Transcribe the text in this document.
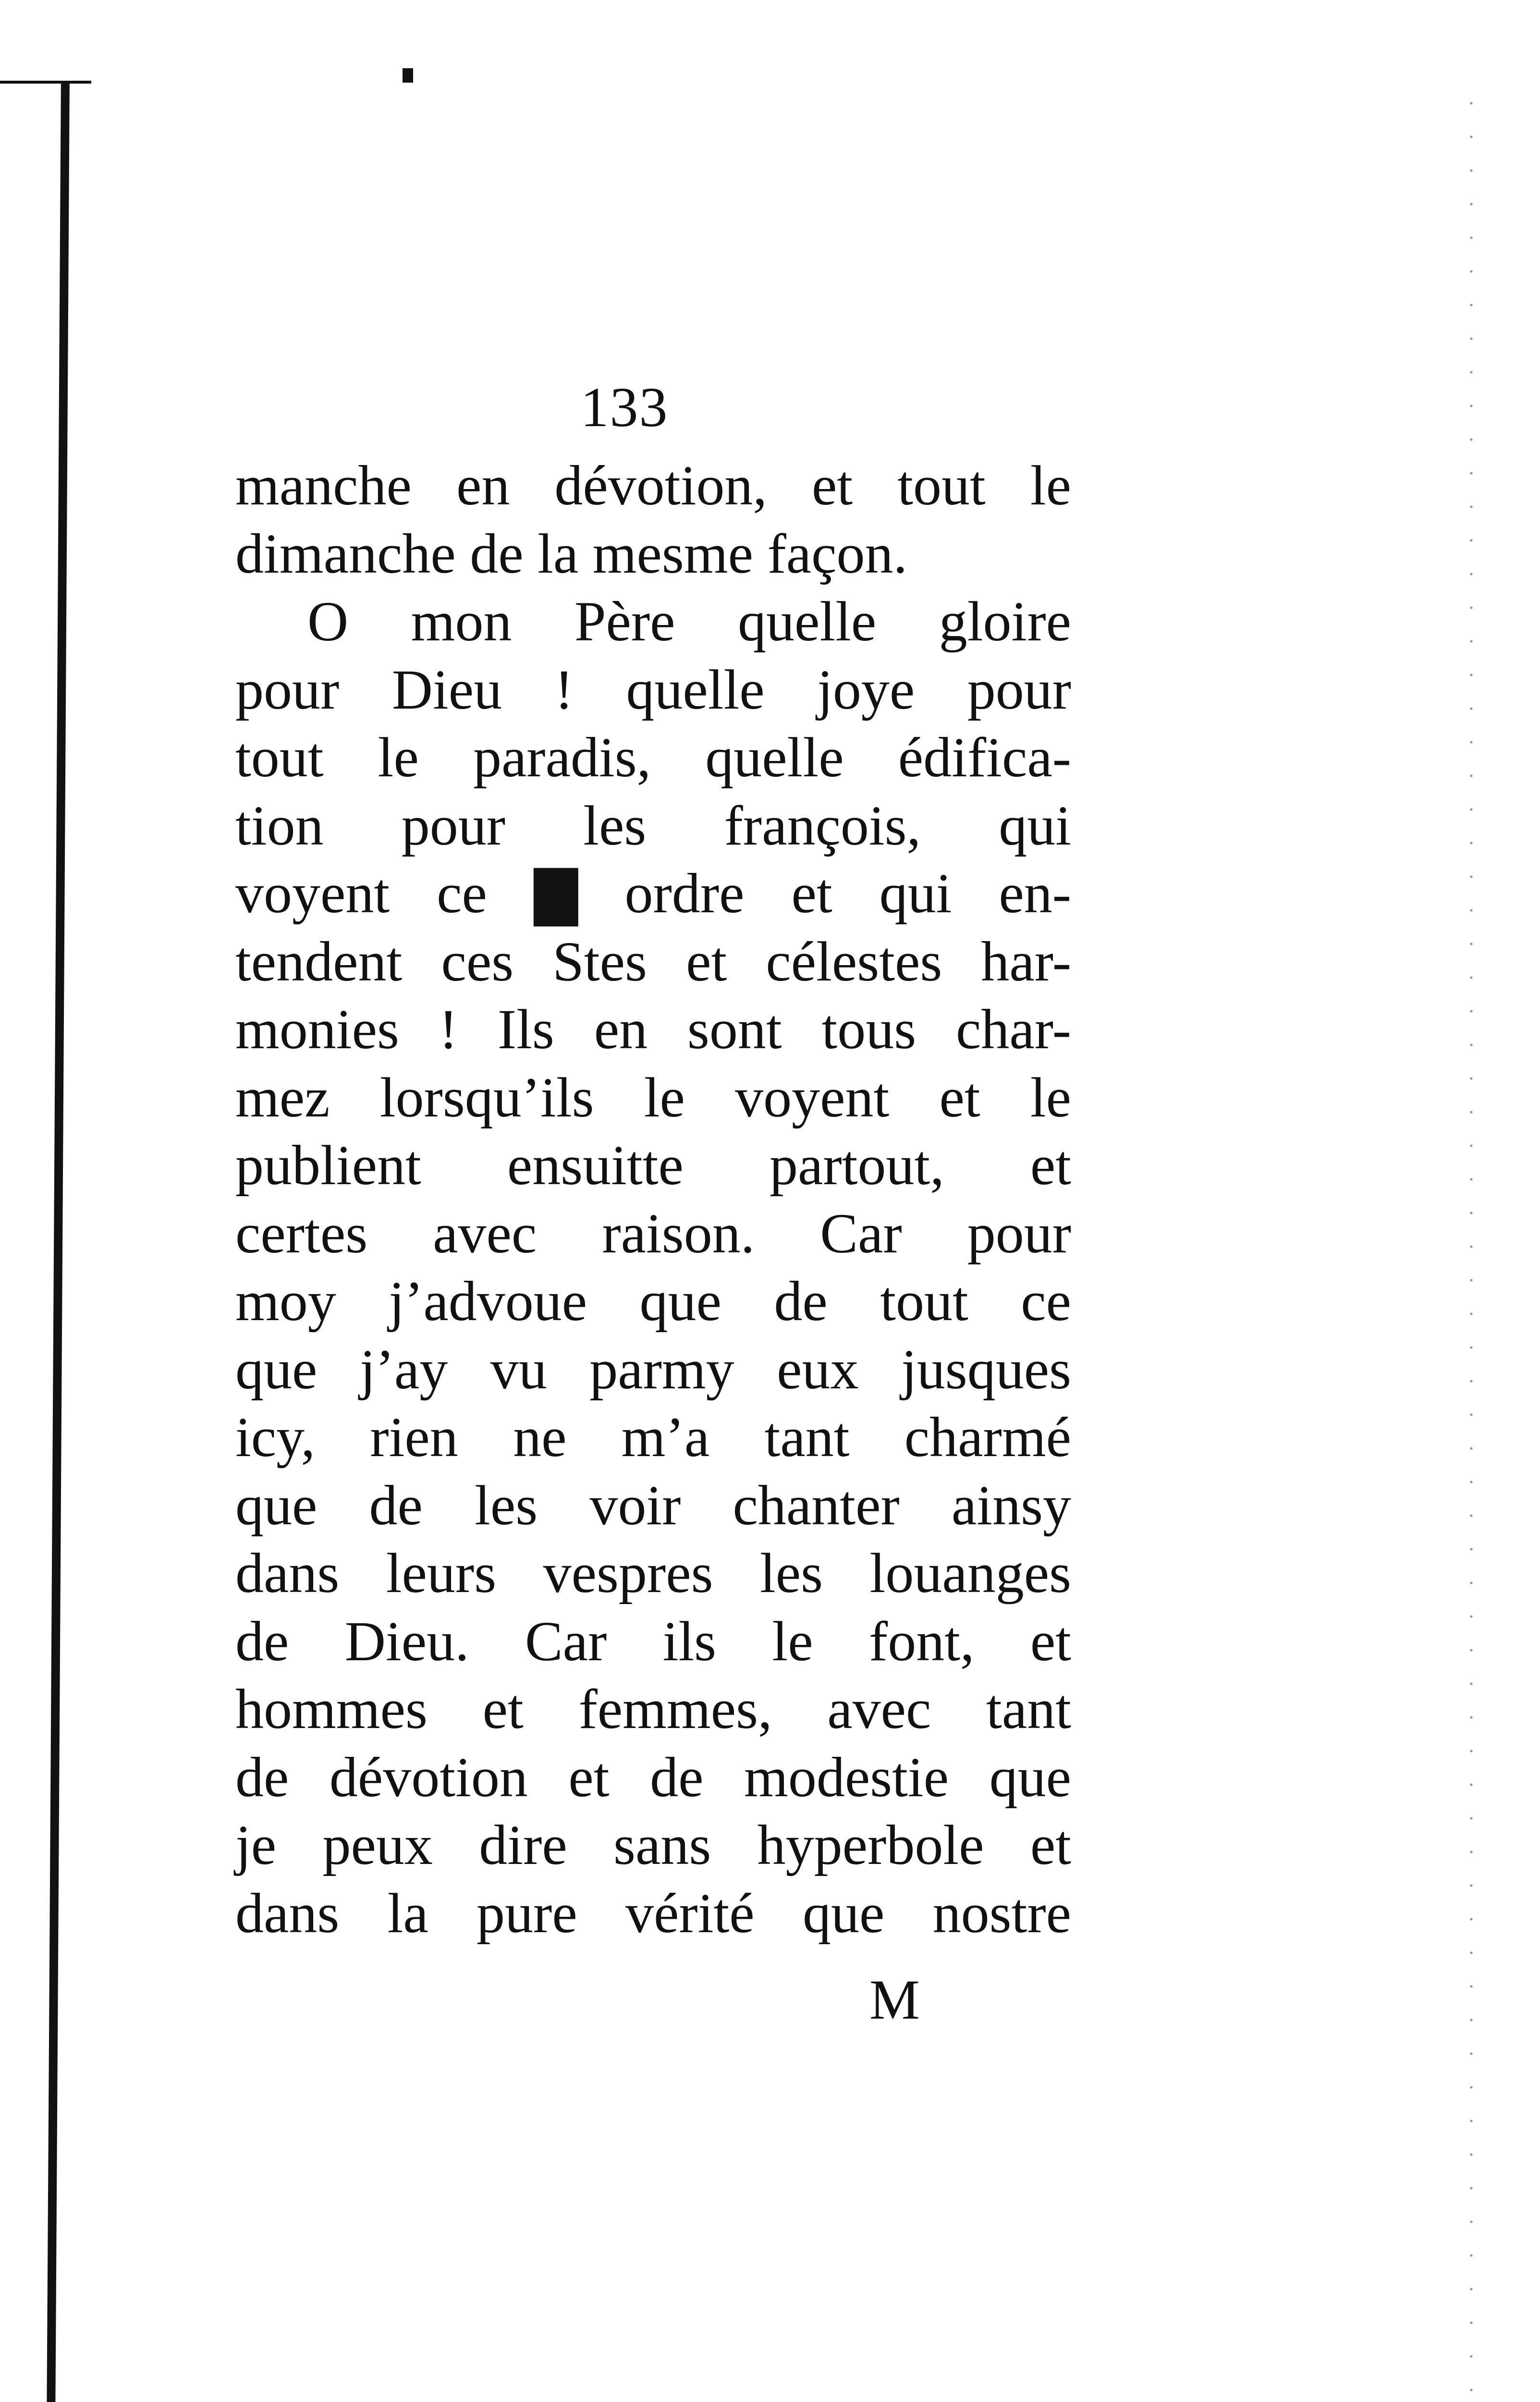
133
manche en dévotion, et tout le
dimanche de la mesme façon.
O mon Père quelle gloire
pour Dieu ! quelle joye pour
tout le paradis, quelle édifica-
tion pour les françois, qui
voyent ce ▇ ordre et qui en-
tendent ces Stes et célestes har-
monies ! Ils en sont tous char-
mez lorsqu’ils le voyent et le
publient ensuitte partout, et
certes avec raison. Car pour
moy j’advoue que de tout ce
que j’ay vu parmy eux jusques
icy, rien ne m’a tant charmé
que de les voir chanter ainsy
dans leurs vespres les louanges
de Dieu. Car ils le font, et
hommes et femmes, avec tant
de dévotion et de modestie que
je peux dire sans hyperbole et
dans la pure vérité que nostre
M
